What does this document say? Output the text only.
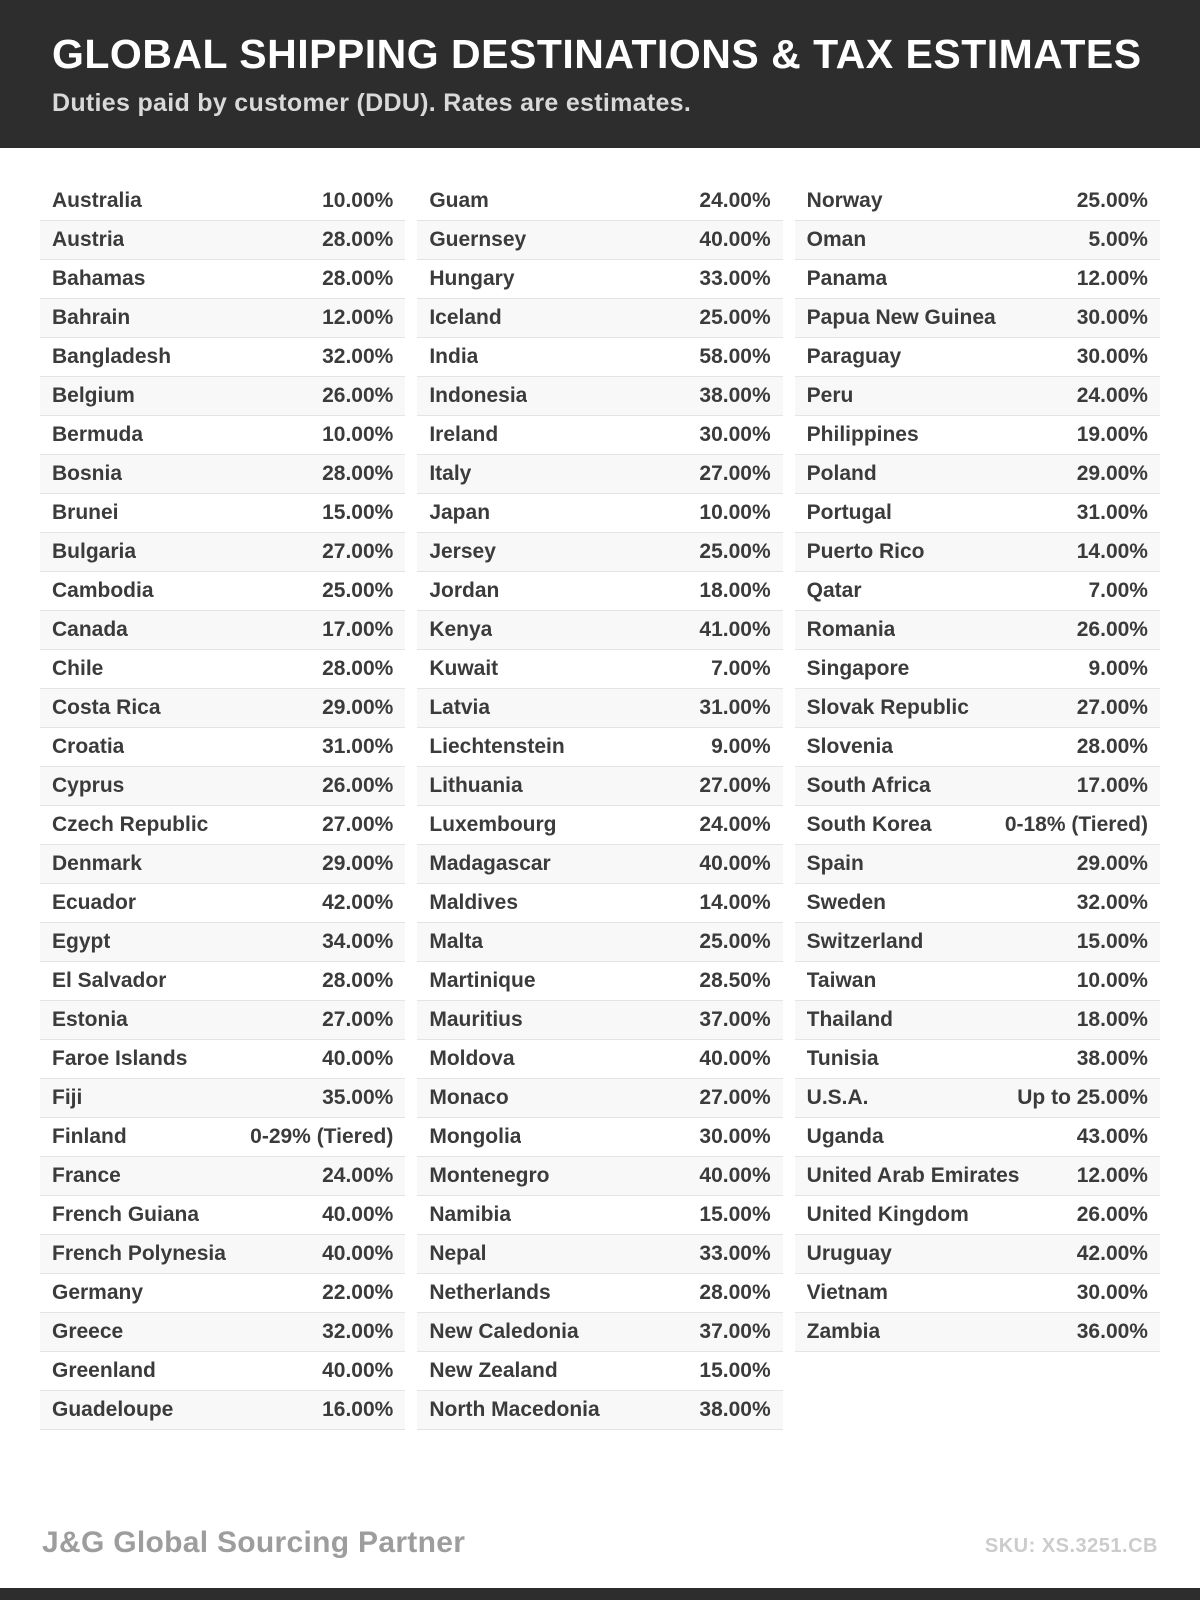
GLOBAL SHIPPING DESTINATIONS & TAX ESTIMATES

Duties paid by customer (DDU). Rates are estimates.

Australia	10.00%
Austria	28.00%
Bahamas	28.00%
Bahrain	12.00%
Bangladesh	32.00%
Belgium	26.00%
Bermuda	10.00%
Bosnia	28.00%
Brunei	15.00%
Bulgaria	27.00%
Cambodia	25.00%
Canada	17.00%
Chile	28.00%
Costa Rica	29.00%
Croatia	31.00%
Cyprus	26.00%
Czech Republic	27.00%
Denmark	29.00%
Ecuador	42.00%
Egypt	34.00%
El Salvador	28.00%
Estonia	27.00%
Faroe Islands	40.00%
Fiji	35.00%
Finland	0-29% (Tiered)
France	24.00%
French Guiana	40.00%
French Polynesia	40.00%
Germany	22.00%
Greece	32.00%
Greenland	40.00%
Guadeloupe	16.00%
Guam	24.00%
Guernsey	40.00%
Hungary	33.00%
Iceland	25.00%
India	58.00%
Indonesia	38.00%
Ireland	30.00%
Italy	27.00%
Japan	10.00%
Jersey	25.00%
Jordan	18.00%
Kenya	41.00%
Kuwait	7.00%
Latvia	31.00%
Liechtenstein	9.00%
Lithuania	27.00%
Luxembourg	24.00%
Madagascar	40.00%
Maldives	14.00%
Malta	25.00%
Martinique	28.50%
Mauritius	37.00%
Moldova	40.00%
Monaco	27.00%
Mongolia	30.00%
Montenegro	40.00%
Namibia	15.00%
Nepal	33.00%
Netherlands	28.00%
New Caledonia	37.00%
New Zealand	15.00%
North Macedonia	38.00%
Norway	25.00%
Oman	5.00%
Panama	12.00%
Papua New Guinea	30.00%
Paraguay	30.00%
Peru	24.00%
Philippines	19.00%
Poland	29.00%
Portugal	31.00%
Puerto Rico	14.00%
Qatar	7.00%
Romania	26.00%
Singapore	9.00%
Slovak Republic	27.00%
Slovenia	28.00%
South Africa	17.00%
South Korea	0-18% (Tiered)
Spain	29.00%
Sweden	32.00%
Switzerland	15.00%
Taiwan	10.00%
Thailand	18.00%
Tunisia	38.00%
U.S.A.	Up to 25.00%
Uganda	43.00%
United Arab Emirates	12.00%
United Kingdom	26.00%
Uruguay	42.00%
Vietnam	30.00%
Zambia	36.00%
J&G Global Sourcing Partner	SKU: XS.3251.CB
